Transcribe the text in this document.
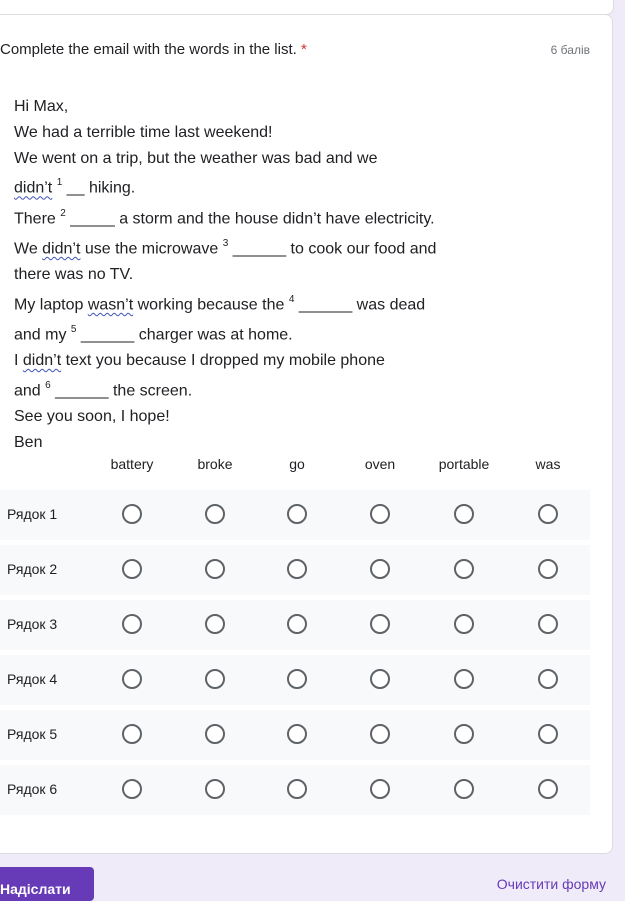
Complete the email with the words in the list. *	6 балів

Hi Max,

We had a terrible time last weekend!

We went on a trip, but the weather was bad and we

didn’t $^1$ __ hiking.

There $^2$ _____ a storm and the house didn’t have electricity.

We didn’t use the microwave $^3$ ______ to cook our food and

there was no TV.

My laptop wasn’t working because the $^4$ ______ was dead

and my $^5$ ______ charger was at home.

I didn’t text you because I dropped my mobile phone

and $^6$ ______ the screen.

See you soon, I hope!

Ben

battery	broke	go	oven	portable	was
Рядок 1
Рядок 2
Рядок 3
Рядок 4
Рядок 5
Рядок 6
Надіслати	Очистити форму
